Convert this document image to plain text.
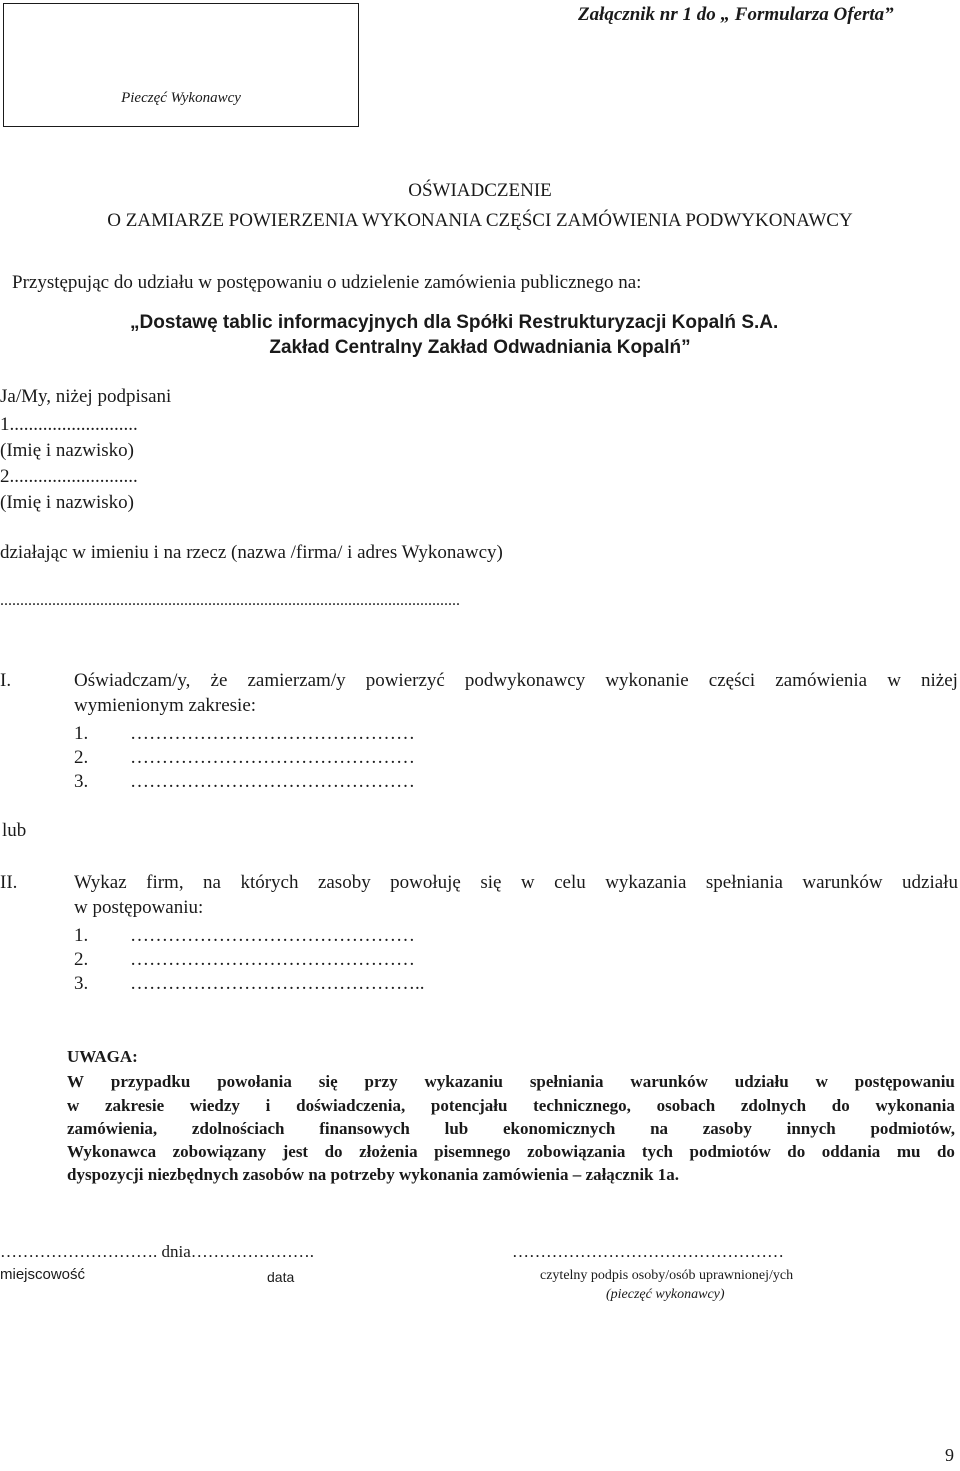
Pieczęć Wykonawcy
Załącznik nr 1 do „ Formularza Oferta”
OŚWIADCZENIE
O ZAMIARZE POWIERZENIA WYKONANIA CZĘŚCI ZAMÓWIENIA PODWYKONAWCY
Przystępując do udziału w postępowaniu o udzielenie zamówienia publicznego na:
„Dostawę tablic informacyjnych dla Spółki Restrukturyzacji Kopalń S.A.
Zakład Centralny Zakład Odwadniania Kopalń”
Ja/My, niżej podpisani
1...........................
(Imię i nazwisko)
2...........................
(Imię i nazwisko)
działając w imieniu i na rzecz (nazwa /firma/ i adres Wykonawcy)
...................................................................................................................
I.	Oświadczam/y, że zamierzam/y powierzyć podwykonawcy wykonanie części zamówienia w niżej
wymienionym zakresie:
1. ………………………………………
2. ………………………………………
3. ………………………………………
lub
II.	Wykaz firm, na których zasoby powołuję się w celu wykazania spełniania warunków udziału
w postępowaniu:
1. ………………………………………
2. ………………………………………
3. ………………………………………..
UWAGA:
W przypadku powołania się przy wykazaniu spełniania warunków udziału w postępowaniu
w zakresie wiedzy i doświadczenia, potencjału technicznego, osobach zdolnych do wykonania
zamówienia, zdolnościach finansowych lub ekonomicznych na zasoby innych podmiotów,
Wykonawca zobowiązany jest do złożenia pisemnego zobowiązania tych podmiotów do oddania mu do
dyspozycji niezbędnych zasobów na potrzeby wykonania zamówienia – załącznik 1a.
………………………. dnia………………….	…………………………………………
miejscowość	data	czytelny podpis osoby/osób uprawnionej/ych
(pieczęć wykonawcy)
9
